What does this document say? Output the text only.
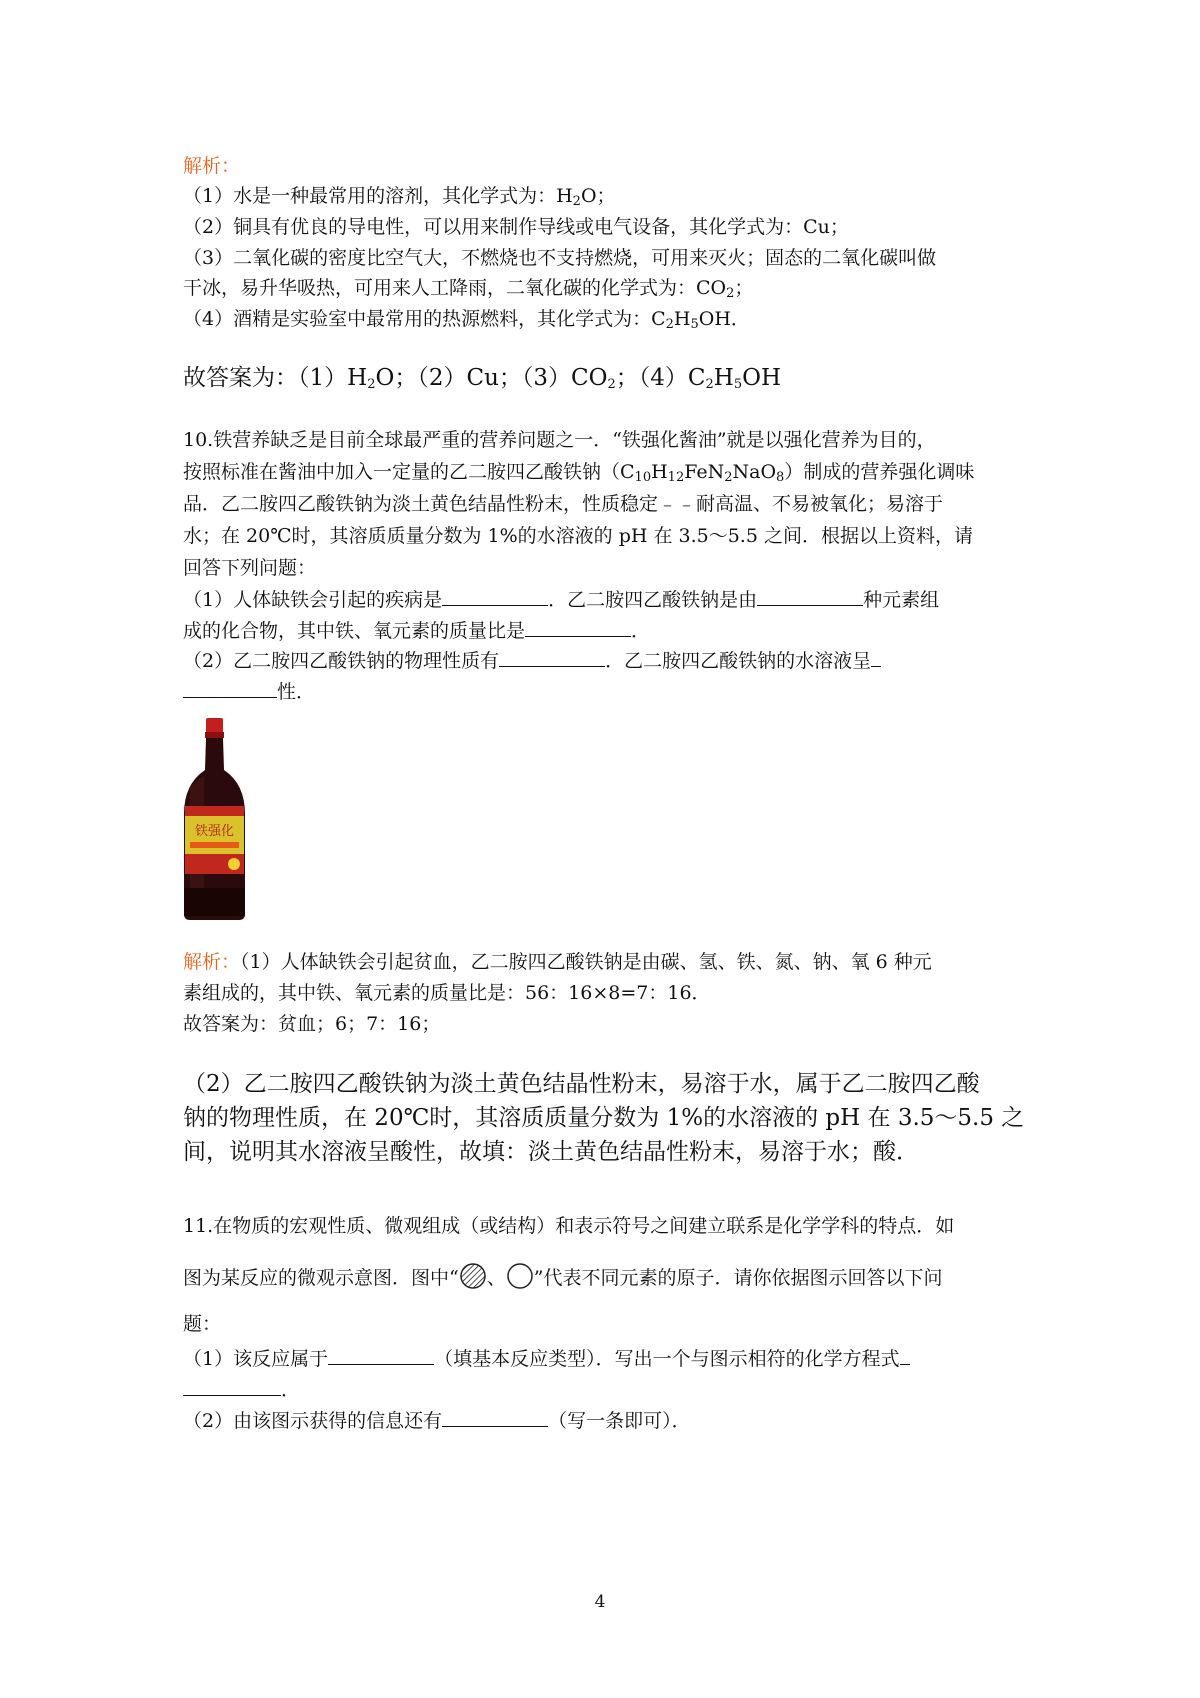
解析：
（1）水是一种最常用的溶剂，其化学式为：$H_2O$；
（2）铜具有优良的导电性，可以用来制作导线或电气设备，其化学式为：Cu；
（3）二氧化碳的密度比空气大，不燃烧也不支持燃烧，可用来灭火；固态的二氧化碳叫做
干冰，易升华吸热，可用来人工降雨，二氧化碳的化学式为：$CO_2$；
（4）酒精是实验室中最常用的热源燃料，其化学式为：$C_2H_5OH$．
故答案为：$(1)H_2O$；（2）Cu；$(3)CO_2$；$(4)C_2H_5OH$
10.铁营养缺乏是目前全球最严重的营养问题之一．“铁强化酱油”就是以强化营养为目的，
按照标准在酱油中加入一定量的乙二胺四乙酸铁钠$(C_{10}H_{12}FeN_2NaO_8)$制成的营养强化调味
品．乙二胺四乙酸铁钠为淡土黄色结晶性粉末，性质稳定﹣﹣耐高温、不易被氧化；易溶于
水；在 20℃时，其溶质质量分数为 1%的水溶液的 pH 在 3.5～5.5 之间．根据以上资料，请
回答下列问题：
（1）人体缺铁会引起的疾病是	．乙二胺四乙酸铁钠是由	种元素组
成的化合物，其中铁、氧元素的质量比是	．
（2）乙二胺四乙酸铁钠的物理性质有	．乙二胺四乙酸铁钠的水溶液呈
性．
铁强化
解析：（1）人体缺铁会引起贫血，乙二胺四乙酸铁钠是由碳、氢、铁、氮、钠、氧 6 种元
素组成的，其中铁、氧元素的质量比是：56：16×8=7：16．
故答案为：贫血；6；7：16；
（2）乙二胺四乙酸铁钠为淡土黄色结晶性粉末，易溶于水，属于乙二胺四乙酸
钠的物理性质，在 20℃时，其溶质质量分数为 1%的水溶液的 pH 在 3.5～5.5 之
间，说明其水溶液呈酸性，故填：淡土黄色结晶性粉末，易溶于水；酸．
11.在物质的宏观性质、微观组成（或结构）和表示符号之间建立联系是化学学科的特点．如
图为某反应的微观示意图．图中“ 、 ”代表不同元素的原子．请你依据图示回答以下问
题：
（1）该反应属于	（填基本反应类型）．写出一个与图示相符的化学方程式
．
（2）由该图示获得的信息还有	（写一条即可）．
4
